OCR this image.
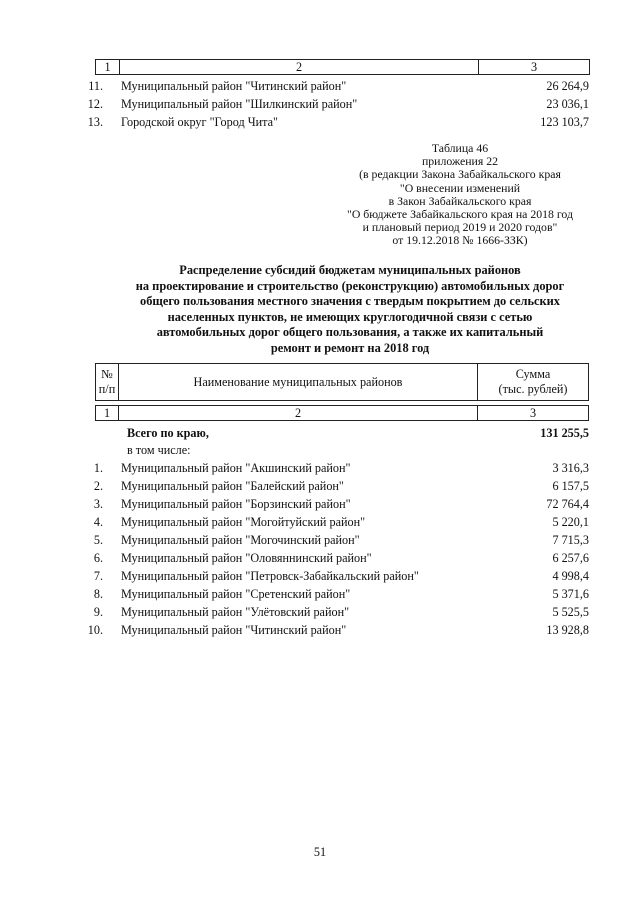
1	2	3
11. Муниципальный район "Читинский район"	26 264,9
12. Муниципальный район "Шилкинский район"	23 036,1
13. Городской округ "Город Чита"	123 103,7
Таблица 46
приложения 22
(в редакции Закона Забайкальского края
"О внесении изменений
в Закон Забайкальского края
"О бюджете Забайкальского края на 2018 год
и плановый период 2019 и 2020 годов"
от 19.12.2018 № 1666-ЗЗК)
Распределение субсидий бюджетам муниципальных районов
на проектирование и строительство (реконструкцию) автомобильных дорог
общего пользования местного значения с твердым покрытием до сельских
населенных пунктов, не имеющих круглогодичной связи с сетью
автомобильных дорог общего пользования, а также их капитальный
ремонт и ремонт на 2018 год
№
п/п
Наименование муниципальных районов
Сумма
(тыс. рублей)
1	2	3
Всего по краю,	131 255,5
в том числе:
1. Муниципальный район "Акшинский район"	3 316,3
2. Муниципальный район "Балейский район"	6 157,5
3. Муниципальный район "Борзинский район"	72 764,4
4. Муниципальный район "Могойтуйский район"	5 220,1
5. Муниципальный район "Могочинский район"	7 715,3
6. Муниципальный район "Оловяннинский район"	6 257,6
7. Муниципальный район "Петровск-Забайкальский район"	4 998,4
8. Муниципальный район "Сретенский район"	5 371,6
9. Муниципальный район "Улётовский район"	5 525,5
10. Муниципальный район "Читинский район"	13 928,8
51
